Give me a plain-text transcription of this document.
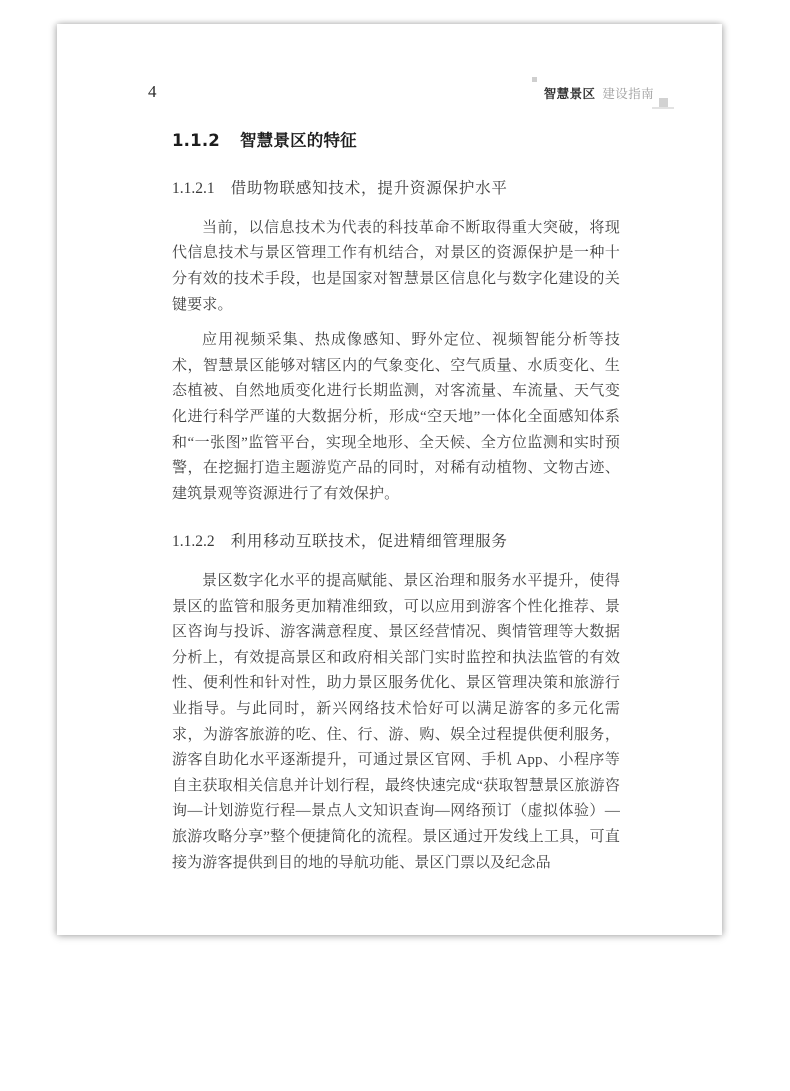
4	智慧景区 建设指南
1.1.2 智慧景区的特征
1.1.2.1 借助物联感知技术，提升资源保护水平

当前，以信息技术为代表的科技革命不断取得重大突破，将现代信息技术与景区管理工作有机结合，对景区的资源保护是一种十分有效的技术手段，也是国家对智慧景区信息化与数字化建设的关键要求。

应用视频采集、热成像感知、野外定位、视频智能分析等技术，智慧景区能够对辖区内的气象变化、空气质量、水质变化、生态植被、自然地质变化进行长期监测，对客流量、车流量、天气变化进行科学严谨的大数据分析，形成“空天地”一体化全面感知体系和“一张图”监管平台，实现全地形、全天候、全方位监测和实时预警，在挖掘打造主题游览产品的同时，对稀有动植物、文物古迹、建筑景观等资源进行了有效保护。

1.1.2.2 利用移动互联技术，促进精细管理服务

景区数字化水平的提高赋能、景区治理和服务水平提升，使得景区的监管和服务更加精准细致，可以应用到游客个性化推荐、景区咨询与投诉、游客满意程度、景区经营情况、舆情管理等大数据分析上，有效提高景区和政府相关部门实时监控和执法监管的有效性、便利性和针对性，助力景区服务优化、景区管理决策和旅游行业指导。与此同时，新兴网络技术恰好可以满足游客的多元化需求，为游客旅游的吃、住、行、游、购、娱全过程提供便利服务，游客自助化水平逐渐提升，可通过景区官网、手机 App、小程序等自主获取相关信息并计划行程，最终快速完成“获取智慧景区旅游咨询—计划游览行程—景点人文知识查询—网络预订（虚拟体验）—旅游攻略分享”整个便捷简化的流程。景区通过开发线上工具，可直接为游客提供到目的地的导航功能、景区门票以及纪念品
